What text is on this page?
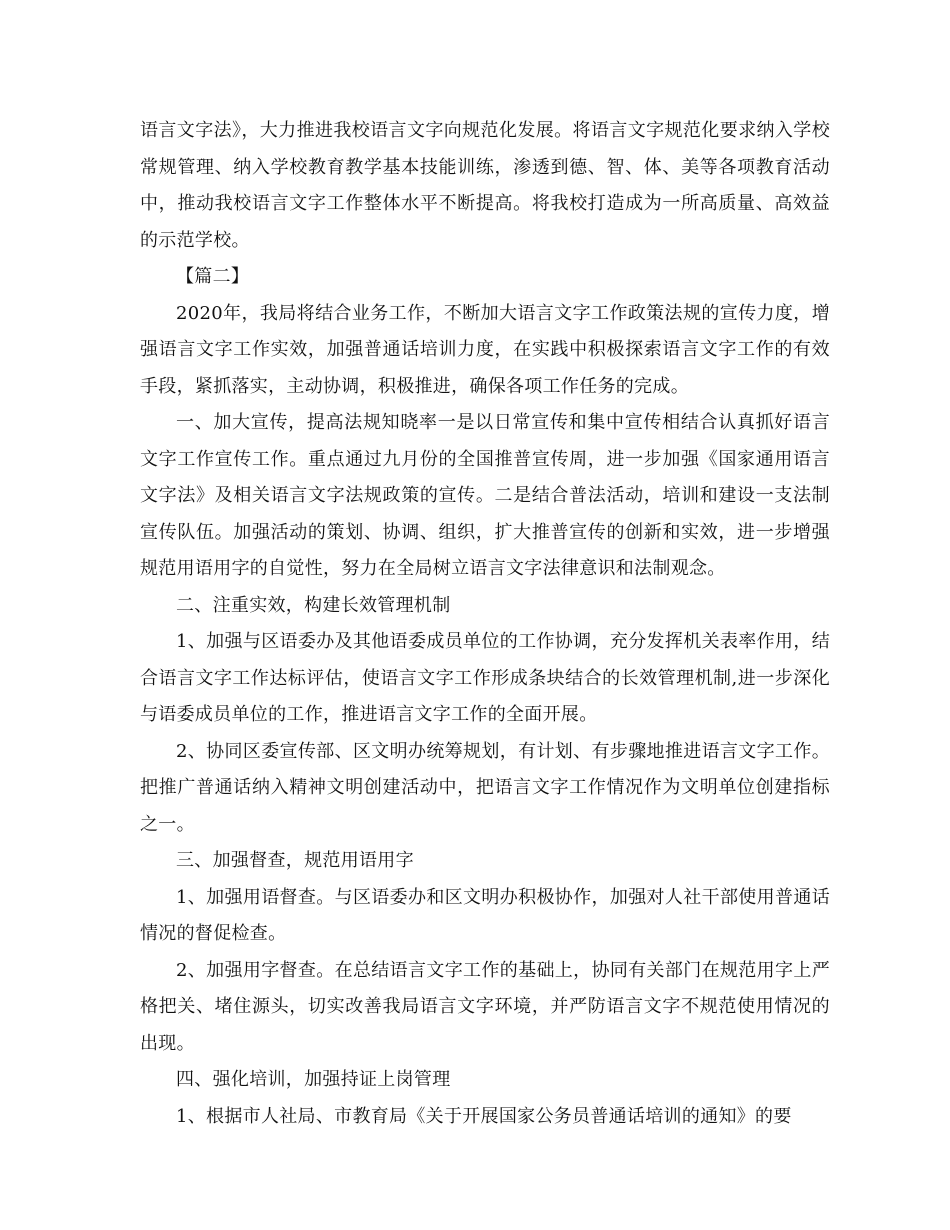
语言文字法》，大力推进我校语言文字向规范化发展。将语言文字规范化要求纳入学校常规管理、纳入学校教育教学基本技能训练，渗透到德、智、体、美等各项教育活动中，推动我校语言文字工作整体水平不断提高。将我校打造成为一所高质量、高效益的示范学校。

【篇二】

2020年，我局将结合业务工作，不断加大语言文字工作政策法规的宣传力度，增强语言文字工作实效，加强普通话培训力度，在实践中积极探索语言文字工作的有效手段，紧抓落实，主动协调，积极推进，确保各项工作任务的完成。

一、加大宣传，提高法规知晓率一是以日常宣传和集中宣传相结合认真抓好语言文字工作宣传工作。重点通过九月份的全国推普宣传周，进一步加强《国家通用语言文字法》及相关语言文字法规政策的宣传。二是结合普法活动，培训和建设一支法制宣传队伍。加强活动的策划、协调、组织，扩大推普宣传的创新和实效，进一步增强规范用语用字的自觉性，努力在全局树立语言文字法律意识和法制观念。

二、注重实效，构建长效管理机制

1、加强与区语委办及其他语委成员单位的工作协调，充分发挥机关表率作用，结合语言文字工作达标评估，使语言文字工作形成条块结合的长效管理机制,进一步深化与语委成员单位的工作，推进语言文字工作的全面开展。

2、协同区委宣传部、区文明办统筹规划，有计划、有步骤地推进语言文字工作。把推广普通话纳入精神文明创建活动中，把语言文字工作情况作为文明单位创建指标之一。

三、加强督查，规范用语用字

1、加强用语督查。与区语委办和区文明办积极协作，加强对人社干部使用普通话情况的督促检查。

2、加强用字督查。在总结语言文字工作的基础上，协同有关部门在规范用字上严格把关、堵住源头，切实改善我局语言文字环境，并严防语言文字不规范使用情况的出现。

四、强化培训，加强持证上岗管理

1、根据市人社局、市教育局《关于开展国家公务员普通话培训的通知》的要
